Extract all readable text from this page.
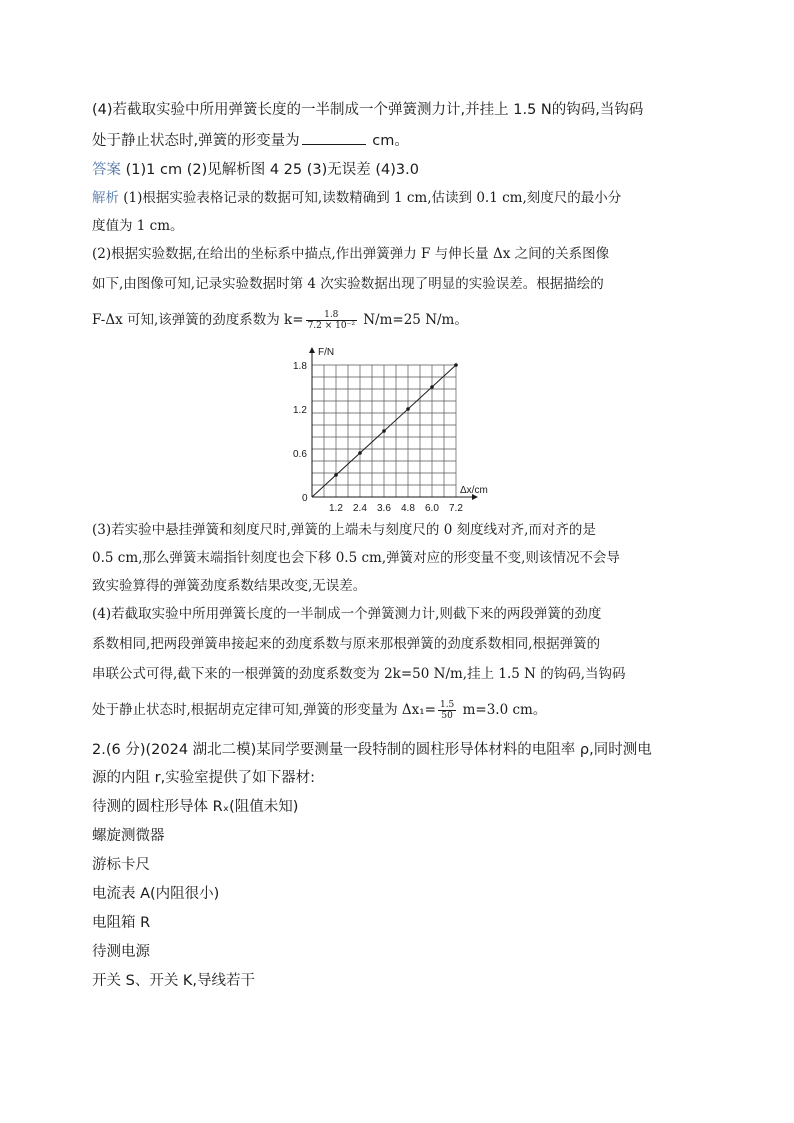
(4)若截取实验中所用弹簧长度的一半制成一个弹簧测力计,并挂上 1.5 N的钩码,当钩码
处于静止状态时,弹簧的形变量为	cm。
答案 (1)1 cm (2)见解析图 4 25 (3)无误差 (4)3.0
解析 (1)根据实验表格记录的数据可知,读数精确到 1 cm,估读到 0.1 cm,刻度尺的最小分
度值为 1 cm。
(2)根据实验数据,在给出的坐标系中描点,作出弹簧弹力 F 与伸长量 Δx 之间的关系图像
如下,由图像可知,记录实验数据时第 4 次实验数据出现了明显的实验误差。根据描绘的
F-Δx 可知,该弹簧的劲度系数为 $k= \frac{1.8}{\text{7.2 × 10⁻²}} N/m=25$ N/m。
F/N
Δx/cm
0
1.2 2.4 3.6 4.8 6.0 7.2
0.6
1.2
1.8
(3)若实验中悬挂弹簧和刻度尺时,弹簧的上端未与刻度尺的 0 刻度线对齐,而对齐的是
0.5 cm,那么弹簧末端指针刻度也会下移 0.5 cm,弹簧对应的形变量不变,则该情况不会导
致实验算得的弹簧劲度系数结果改变,无误差。
(4)若截取实验中所用弹簧长度的一半制成一个弹簧测力计,则截下来的两段弹簧的劲度
系数相同,把两段弹簧串接起来的劲度系数与原来那根弹簧的劲度系数相同,根据弹簧的
串联公式可得,截下来的一根弹簧的劲度系数变为 2k=50 N/m,挂上 1.5 N 的钩码,当钩码
处于静止状态时,根据胡克定律可知,弹簧的形变量为 $\Delta x_1= \frac{1.5}{50} m=3.0$ cm。
2.(6 分)(2024 湖北二模)某同学要测量一段特制的圆柱形导体材料的电阻率 ρ,同时测电
源的内阻 r,实验室提供了如下器材:
待测的圆柱形导体 Rₓ(阻值未知)
螺旋测微器
游标卡尺
电流表 A(内阻很小)
电阻箱 R
待测电源
开关 S、开关 K,导线若干
